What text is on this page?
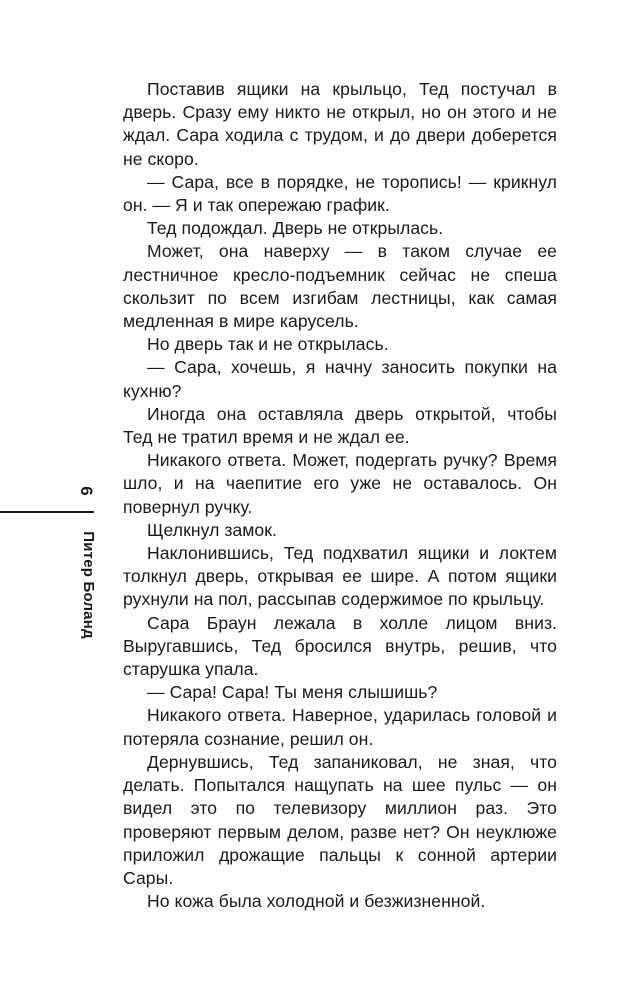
Поставив ящики на крыльцо, Тед постучал в дверь. Сразу ему никто не открыл, но он этого и не ждал. Сара ходила с трудом, и до двери доберется не скоро.

— Сара, все в порядке, не торопись! — крикнул он. — Я и так опережаю график.

Тед подождал. Дверь не открылась.

Может, она наверху — в таком случае ее лестничное кресло-подъемник сейчас не спеша скользит по всем изгибам лестницы, как самая медленная в мире карусель.

Но дверь так и не открылась.

— Сара, хочешь, я начну заносить покупки на кухню?

Иногда она оставляла дверь открытой, чтобы Тед не тратил время и не ждал ее.

Никакого ответа. Может, подергать ручку? Время шло, и на чаепитие его уже не оставалось. Он повернул ручку.

Щелкнул замок.

Наклонившись, Тед подхватил ящики и локтем толкнул дверь, открывая ее шире. А потом ящики рухнули на пол, рассыпав содержимое по крыльцу.

Сара Браун лежала в холле лицом вниз. Выругавшись, Тед бросился внутрь, решив, что старушка упала.

— Сара! Сара! Ты меня слышишь?

Никакого ответа. Наверное, ударилась головой и потеряла сознание, решил он.

Дернувшись, Тед запаниковал, не зная, что делать. Попытался нащупать на шее пульс — он видел это по телевизору миллион раз. Это проверяют первым делом, разве нет? Он неуклюже приложил дрожащие пальцы к сонной артерии Сары.

Но кожа была холодной и безжизненной.

6
Питер Боланд
